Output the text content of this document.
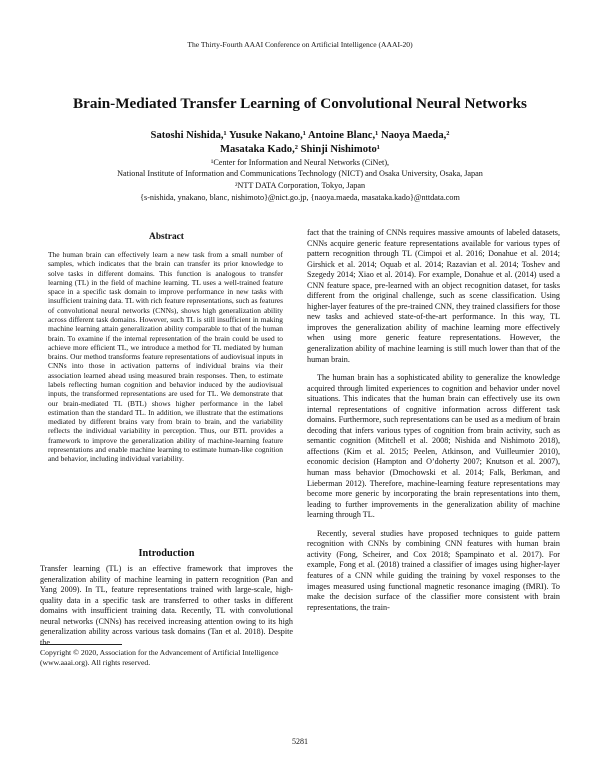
The Thirty-Fourth AAAI Conference on Artificial Intelligence (AAAI-20)
Brain-Mediated Transfer Learning of Convolutional Neural Networks
Satoshi Nishida,¹ Yusuke Nakano,¹ Antoine Blanc,¹ Naoya Maeda,²
Masataka Kado,² Shinji Nishimoto¹
¹Center for Information and Neural Networks (CiNet),
National Institute of Information and Communications Technology (NICT) and Osaka University, Osaka, Japan
²NTT DATA Corporation, Tokyo, Japan
{s-nishida, ynakano, blanc, nishimoto}@nict.go.jp, {naoya.maeda, masataka.kado}@nttdata.com
Abstract
The human brain can effectively learn a new task from a small number of samples, which indicates that the brain can transfer its prior knowledge to solve tasks in different domains. This function is analogous to transfer learning (TL) in the field of machine learning. TL uses a well-trained feature space in a specific task domain to improve performance in new tasks with insufficient training data. TL with rich feature representations, such as features of convolutional neural networks (CNNs), shows high generalization ability across different task domains. However, such TL is still insufficient in making machine learning attain generalization ability comparable to that of the human brain. To examine if the internal representation of the brain could be used to achieve more efficient TL, we introduce a method for TL mediated by human brains. Our method transforms feature representations of audiovisual inputs in CNNs into those in activation patterns of individual brains via their association learned ahead using measured brain responses. Then, to estimate labels reflecting human cognition and behavior induced by the audiovisual inputs, the transformed representations are used for TL. We demonstrate that our brain-mediated TL (BTL) shows higher performance in the label estimation than the standard TL. In addition, we illustrate that the estimations mediated by different brains vary from brain to brain, and the variability reflects the individual variability in perception. Thus, our BTL provides a framework to improve the generalization ability of machine-learning feature representations and enable machine learning to estimate human-like cognition and behavior, including individual variability.
Introduction

Transfer learning (TL) is an effective framework that improves the generalization ability of machine learning in pattern recognition (Pan and Yang 2009). In TL, feature representations trained with large-scale, high-quality data in a specific task are transferred to other tasks in different domains with insufficient training data. Recently, TL with convolutional neural networks (CNNs) has received increasing attention owing to its high generalization ability across various task domains (Tan et al. 2018). Despite the

Copyright © 2020, Association for the Advancement of Artificial Intelligence (www.aaai.org). All rights reserved.

fact that the training of CNNs requires massive amounts of labeled datasets, CNNs acquire generic feature representations available for various types of pattern recognition through TL (Cimpoi et al. 2016; Donahue et al. 2014; Girshick et al. 2014; Oquab et al. 2014; Razavian et al. 2014; Toshev and Szegedy 2014; Xiao et al. 2014). For example, Donahue et al. (2014) used a CNN feature space, pre-learned with an object recognition dataset, for tasks different from the original challenge, such as scene classification. Using higher-layer features of the pre-trained CNN, they trained classifiers for those new tasks and achieved state-of-the-art performance. In this way, TL improves the generalization ability of machine learning more effectively when using more generic feature representations. However, the generalization ability of machine learning is still much lower than that of the human brain.

The human brain has a sophisticated ability to generalize the knowledge acquired through limited experiences to cognition and behavior under novel situations. This indicates that the human brain can effectively use its own internal representations of cognitive information across different task domains. Furthermore, such representations can be used as a medium of brain decoding that infers various types of cognition from brain activity, such as semantic cognition (Mitchell et al. 2008; Nishida and Nishimoto 2018), affections (Kim et al. 2015; Peelen, Atkinson, and Vuilleumier 2010), economic decision (Hampton and O’doherty 2007; Knutson et al. 2007), human mass behavior (Dmochowski et al. 2014; Falk, Berkman, and Lieberman 2012). Therefore, machine-learning feature representations may become more generic by incorporating the brain representations into them, leading to further improvements in the generalization ability of machine learning through TL.

Recently, several studies have proposed techniques to guide pattern recognition with CNNs by combining CNN features with human brain activity (Fong, Scheirer, and Cox 2018; Spampinato et al. 2017). For example, Fong et al. (2018) trained a classifier of images using higher-layer features of a CNN while guiding the training by voxel responses to the images measured using functional magnetic resonance imaging (fMRI). To make the decision surface of the classifier more consistent with brain representations, the train-

5281
